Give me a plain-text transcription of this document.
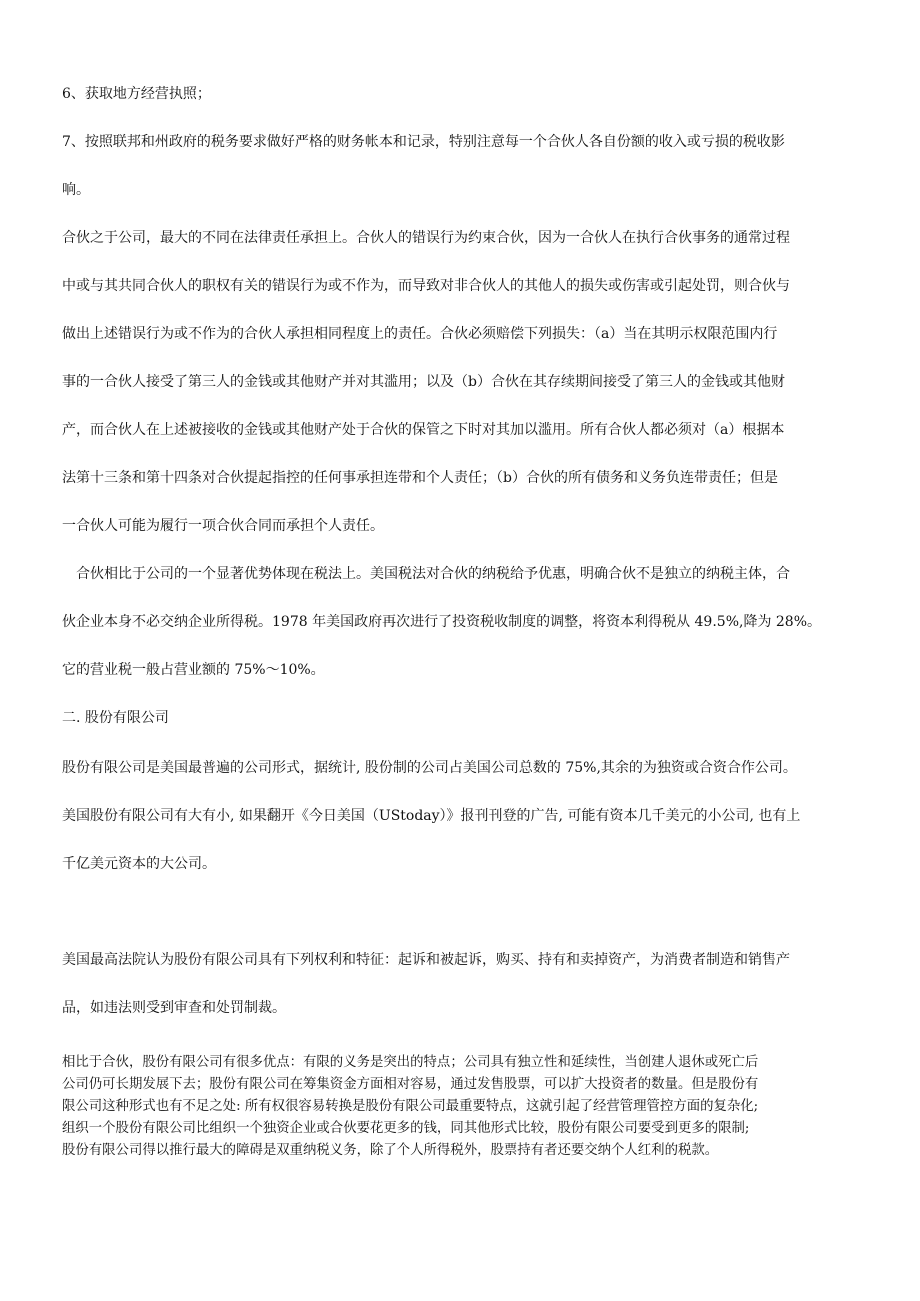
6、获取地方经营执照；
7、按照联邦和州政府的税务要求做好严格的财务帐本和记录，特别注意每一个合伙人各自份额的收入或亏损的税收影
响。
合伙之于公司，最大的不同在法律责任承担上。合伙人的错误行为约束合伙，因为一合伙人在执行合伙事务的通常过程
中或与其共同合伙人的职权有关的错误行为或不作为，而导致对非合伙人的其他人的损失或伤害或引起处罚，则合伙与
做出上述错误行为或不作为的合伙人承担相同程度上的责任。合伙必须赔偿下列损失：（a）当在其明示权限范围内行
事的一合伙人接受了第三人的金钱或其他财产并对其滥用；以及（b）合伙在其存续期间接受了第三人的金钱或其他财
产，而合伙人在上述被接收的金钱或其他财产处于合伙的保管之下时对其加以滥用。所有合伙人都必须对（a）根据本
法第十三条和第十四条对合伙提起指控的任何事承担连带和个人责任；（b）合伙的所有债务和义务负连带责任；但是
一合伙人可能为履行一项合伙合同而承担个人责任。
　合伙相比于公司的一个显著优势体现在税法上。美国税法对合伙的纳税给予优惠，明确合伙不是独立的纳税主体，合
伙企业本身不必交纳企业所得税。1978 年美国政府再次进行了投资税收制度的调整，将资本利得税从 49.5%,降为 28%。
它的营业税一般占营业额的 75%～10%。
二. 股份有限公司
股份有限公司是美国最普遍的公司形式，据统计, 股份制的公司占美国公司总数的 75%,其余的为独资或合资合作公司。
美国股份有限公司有大有小, 如果翻开《今日美国（UStoday）》报刊刊登的广告, 可能有资本几千美元的小公司, 也有上
千亿美元资本的大公司。
美国最高法院认为股份有限公司具有下列权利和特征：起诉和被起诉，购买、持有和卖掉资产，为消费者制造和销售产
品，如违法则受到审查和处罚制裁。
相比于合伙，股份有限公司有很多优点：有限的义务是突出的特点；公司具有独立性和延续性，当创建人退休或死亡后
公司仍可长期发展下去；股份有限公司在筹集资金方面相对容易，通过发售股票，可以扩大投资者的数量。但是股份有
限公司这种形式也有不足之处: 所有权很容易转换是股份有限公司最重要特点，这就引起了经营管理管控方面的复杂化;
组织一个股份有限公司比组织一个独资企业或合伙要花更多的钱，同其他形式比较，股份有限公司要受到更多的限制;
股份有限公司得以推行最大的障碍是双重纳税义务，除了个人所得税外，股票持有者还要交纳个人红利的税款。
